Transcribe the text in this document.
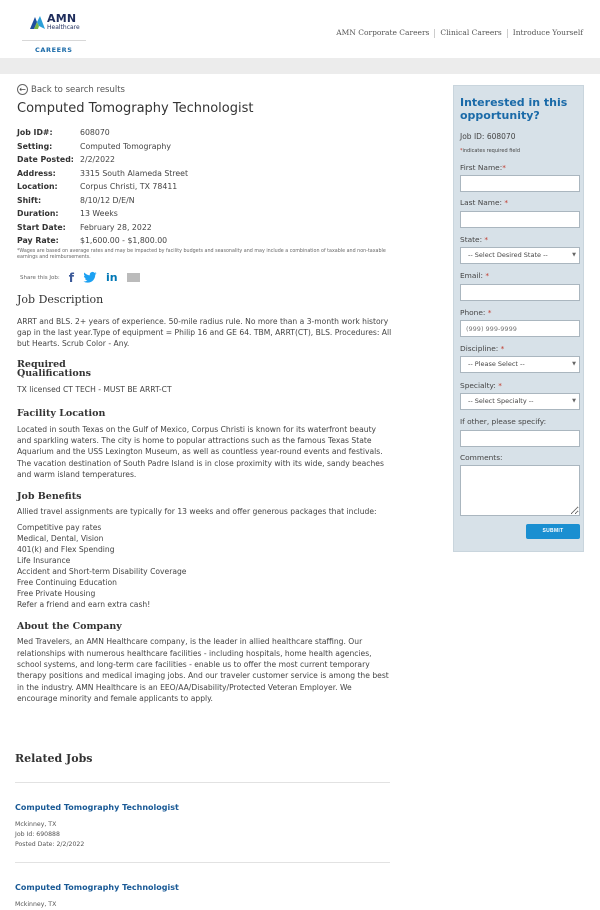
AMN
Healthcare
CAREERS
AMN Corporate Careers	Clinical Careers	Introduce Yourself
← Back to search results
Computed Tomography Technologist
Job ID#:	608070
Setting:	Computed Tomography
Date Posted: 2/2/2022
Address:	3315 South Alameda Street
Location:	Corpus Christi, TX 78411
Shift:	8/10/12 D/E/N
Duration:	13 Weeks
Start Date:	February 28, 2022
Pay Rate:	$1,600.00 - $1,800.00

*Wages are based on average rates and may be impacted by facility budgets and seasonality and may include a combination of taxable and non-taxable earnings and reimbursements.

Share this Job: f	in
Job Description

ARRT and BLS. 2+ years of experience. 50-mile radius rule. No more than a 3-month work history gap in the last year.Type of equipment = Philip 16 and GE 64. TBM, ARRT(CT), BLS. Procedures: All but Hearts. Scrub Color - Any.

Required
Qualifications

TX licensed CT TECH - MUST BE ARRT-CT

Facility Location

Located in south Texas on the Gulf of Mexico, Corpus Christi is known for its waterfront beauty and sparkling waters. The city is home to popular attractions such as the famous Texas State Aquarium and the USS Lexington Museum, as well as countless year-round events and festivals. The vacation destination of South Padre Island is in close proximity with its wide, sandy beaches and warm island temperatures.

Job Benefits

Allied travel assignments are typically for 13 weeks and offer generous packages that include:

Competitive pay rates
Medical, Dental, Vision
401(k) and Flex Spending
Life Insurance
Accident and Short-term Disability Coverage
Free Continuing Education
Free Private Housing
Refer a friend and earn extra cash!
About the Company

Med Travelers, an AMN Healthcare company, is the leader in allied healthcare staffing. Our relationships with numerous healthcare facilities - including hospitals, home health agencies, school systems, and long-term care facilities - enable us to offer the most current temporary therapy positions and medical imaging jobs. And our traveler customer service is among the best in the industry. AMN Healthcare is an EEO/AA/Disability/Protected Veteran Employer. We encourage minority and female applicants to apply.

Related Jobs
Computed Tomography Technologist
Mckinney, TX
Job Id: 690888
Posted Date: 2/2/2022
Computed Tomography Technologist
Mckinney, TX
Interested in this opportunity?
Job ID: 608070
*indicates required field
First Name:*
Last Name: *
State: *
-- Select Desired State --	▼
Email: *
Phone: *
(999) 999-9999
Discipline: *
-- Please Select --	▼
Specialty: *
-- Select Specialty --	▼
If other, please specify:
Comments:
SUBMIT
